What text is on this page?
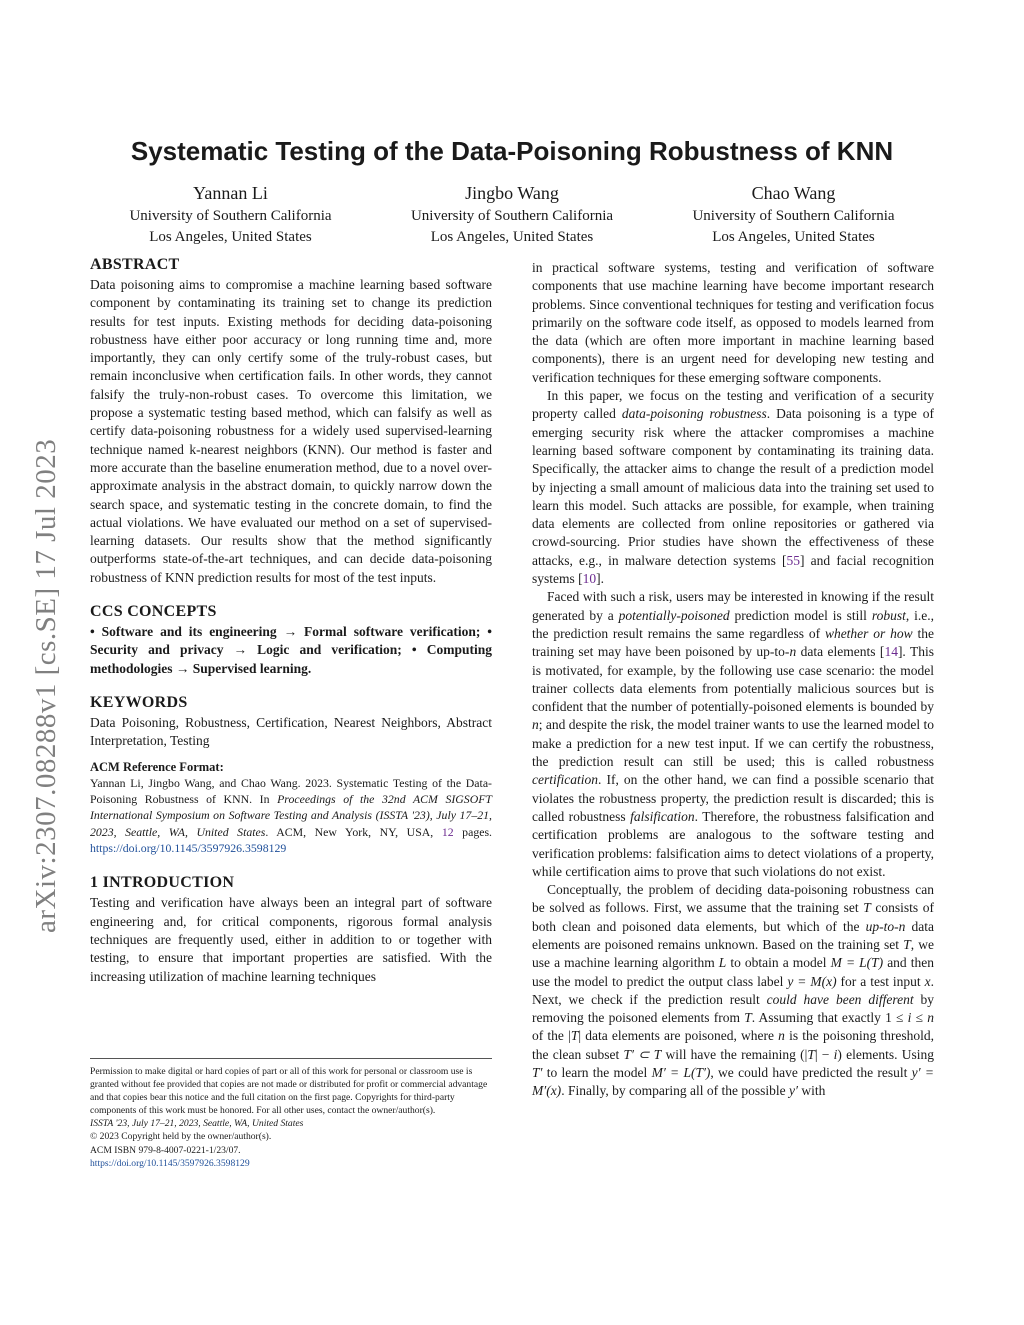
arXiv:2307.08288v1 [cs.SE] 17 Jul 2023
Systematic Testing of the Data-Poisoning Robustness of KNN
Yannan Li
University of Southern California
Los Angeles, United States
Jingbo Wang
University of Southern California
Los Angeles, United States
Chao Wang
University of Southern California
Los Angeles, United States
ABSTRACT

Data poisoning aims to compromise a machine learning based software component by contaminating its training set to change its prediction results for test inputs. Existing methods for deciding data-poisoning robustness have either poor accuracy or long running time and, more importantly, they can only certify some of the truly-robust cases, but remain inconclusive when certification fails. In other words, they cannot falsify the truly-non-robust cases. To overcome this limitation, we propose a systematic testing based method, which can falsify as well as certify data-poisoning robustness for a widely used supervised-learning technique named k-nearest neighbors (KNN). Our method is faster and more accurate than the baseline enumeration method, due to a novel over-approximate analysis in the abstract domain, to quickly narrow down the search space, and systematic testing in the concrete domain, to find the actual violations. We have evaluated our method on a set of supervised-learning datasets. Our results show that the method significantly outperforms state-of-the-art techniques, and can decide data-poisoning robustness of KNN prediction results for most of the test inputs.

CCS CONCEPTS

• Software and its engineering → Formal software verification; • Security and privacy → Logic and verification; • Computing methodologies → Supervised learning.

KEYWORDS

Data Poisoning, Robustness, Certification, Nearest Neighbors, Abstract Interpretation, Testing

ACM Reference Format:

Yannan Li, Jingbo Wang, and Chao Wang. 2023. Systematic Testing of the Data-Poisoning Robustness of KNN. In Proceedings of the 32nd ACM SIGSOFT International Symposium on Software Testing and Analysis (ISSTA '23), July 17–21, 2023, Seattle, WA, United States. ACM, New York, NY, USA, 12 pages. https://doi.org/10.1145/3597926.3598129

1 INTRODUCTION

Testing and verification have always been an integral part of software engineering and, for critical components, rigorous formal analysis techniques are frequently used, either in addition to or together with testing, to ensure that important properties are satisfied. With the increasing utilization of machine learning techniques

Permission to make digital or hard copies of part or all of this work for personal or classroom use is granted without fee provided that copies are not made or distributed for profit or commercial advantage and that copies bear this notice and the full citation on the first page. Copyrights for third-party components of this work must be honored. For all other uses, contact the owner/author(s).
ISSTA '23, July 17–21, 2023, Seattle, WA, United States
© 2023 Copyright held by the owner/author(s).
ACM ISBN 979-8-4007-0221-1/23/07.
https://doi.org/10.1145/3597926.3598129

in practical software systems, testing and verification of software components that use machine learning have become important research problems. Since conventional techniques for testing and verification focus primarily on the software code itself, as opposed to models learned from the data (which are often more important in machine learning based components), there is an urgent need for developing new testing and verification techniques for these emerging software components.

In this paper, we focus on the testing and verification of a security property called data-poisoning robustness. Data poisoning is a type of emerging security risk where the attacker compromises a machine learning based software component by contaminating its training data. Specifically, the attacker aims to change the result of a prediction model by injecting a small amount of malicious data into the training set used to learn this model. Such attacks are possible, for example, when training data elements are collected from online repositories or gathered via crowd-sourcing. Prior studies have shown the effectiveness of these attacks, e.g., in malware detection systems [55] and facial recognition systems [10].

Faced with such a risk, users may be interested in knowing if the result generated by a potentially-poisoned prediction model is still robust, i.e., the prediction result remains the same regardless of whether or how the training set may have been poisoned by up-to-n data elements [14]. This is motivated, for example, by the following use case scenario: the model trainer collects data elements from potentially malicious sources but is confident that the number of potentially-poisoned elements is bounded by n; and despite the risk, the model trainer wants to use the learned model to make a prediction for a new test input. If we can certify the robustness, the prediction result can still be used; this is called robustness certification. If, on the other hand, we can find a possible scenario that violates the robustness property, the prediction result is discarded; this is called robustness falsification. Therefore, the robustness falsification and certification problems are analogous to the software testing and verification problems: falsification aims to detect violations of a property, while certification aims to prove that such violations do not exist.

Conceptually, the problem of deciding data-poisoning robustness can be solved as follows. First, we assume that the training set T consists of both clean and poisoned data elements, but which of the up-to-n data elements are poisoned remains unknown. Based on the training set T, we use a machine learning algorithm L to obtain a model M = L(T) and then use the model to predict the output class label y = M(x) for a test input x. Next, we check if the prediction result could have been different by removing the poisoned elements from T. Assuming that exactly 1 ≤ i ≤ n of the |T| data elements are poisoned, where n is the poisoning threshold, the clean subset T′ ⊂ T will have the remaining (|T| − i) elements. Using T′ to learn the model M′ = L(T′), we could have predicted the result y′ = M′(x). Finally, by comparing all of the possible y′ with
